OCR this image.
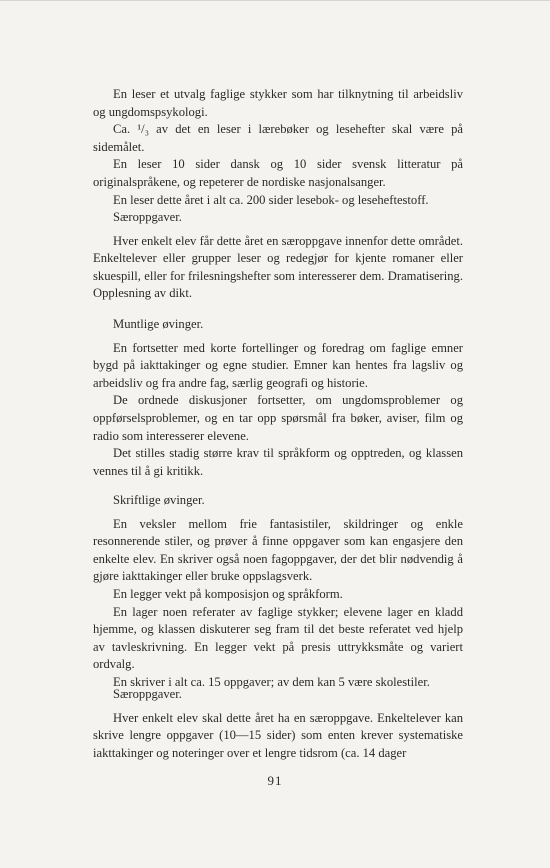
En leser et utvalg faglige stykker som har tilknytning til arbeidsliv og ungdomspsykologi.

Ca. ¹/₃ av det en leser i lærebøker og lesehefter skal være på sidemålet.

En leser 10 sider dansk og 10 sider svensk litteratur på originalspråkene, og repeterer de nordiske nasjonalsanger.

En leser dette året i alt ca. 200 sider lesebok- og leseheftestoff.

Særoppgaver.

Hver enkelt elev får dette året en særoppgave innenfor dette området. Enkeltelever eller grupper leser og redegjør for kjente romaner eller skuespill, eller for frilesningshefter som interesserer dem. Dramatisering. Opplesning av dikt.

Muntlige øvinger.

En fortsetter med korte fortellinger og foredrag om faglige emner bygd på iakttakinger og egne studier. Emner kan hentes fra lagsliv og arbeidsliv og fra andre fag, særlig geografi og historie.

De ordnede diskusjoner fortsetter, om ungdomsproblemer og oppførselsproblemer, og en tar opp spørsmål fra bøker, aviser, film og radio som interesserer elevene.

Det stilles stadig større krav til språkform og opptreden, og klassen vennes til å gi kritikk.

Skriftlige øvinger.

En veksler mellom frie fantasistiler, skildringer og enkle resonnerende stiler, og prøver å finne oppgaver som kan engasjere den enkelte elev. En skriver også noen fagoppgaver, der det blir nødvendig å gjøre iakttakinger eller bruke oppslagsverk.

En legger vekt på komposisjon og språkform.

En lager noen referater av faglige stykker; elevene lager en kladd hjemme, og klassen diskuterer seg fram til det beste referatet ved hjelp av tavleskrivning. En legger vekt på presis uttrykksmåte og variert ordvalg.

En skriver i alt ca. 15 oppgaver; av dem kan 5 være skolestiler.

Særoppgaver.

Hver enkelt elev skal dette året ha en særoppgave. Enkeltelever kan skrive lengre oppgaver (10—15 sider) som enten krever systematiske iakttakinger og noteringer over et lengre tidsrom (ca. 14 dager

91
